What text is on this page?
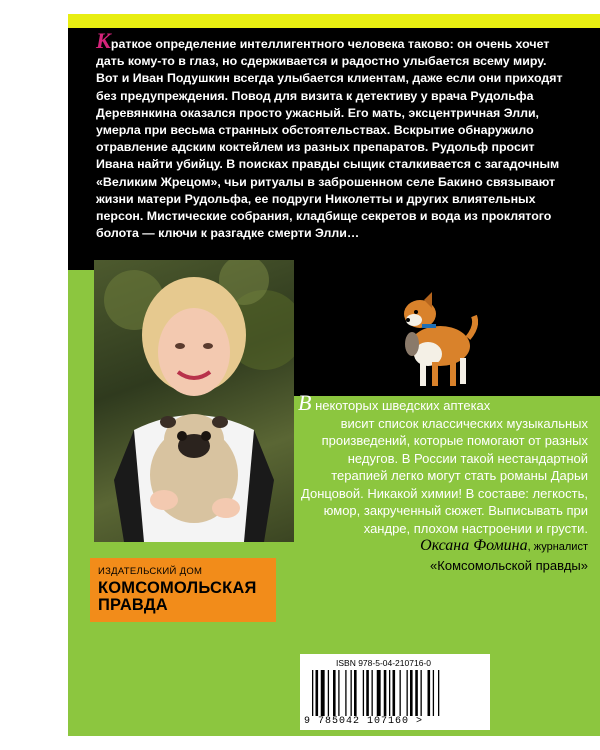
Краткое определение интеллигентного человека таково: он очень хочет дать кому-то в глаз, но сдерживается и радостно улыбается всему миру. Вот и Иван Подушкин всегда улыбается клиентам, даже если они приходят без предупреждения. Повод для визита к детективу у врача Рудольфа Деревянкина оказался просто ужасный. Его мать, эксцентричная Элли, умерла при весьма странных обстоятельствах. Вскрытие обнаружило отравление адским коктейлем из разных препаратов. Рудольф просит Ивана найти убийцу. В поисках правды сыщик сталкивается с загадочным «Великим Жрецом», чьи ритуалы в заброшенном селе Бакино связывают жизни матери Рудольфа, ее подруги Николетты и других влиятельных персон. Мистические собрания, кладбище секретов и вода из проклятого болота — ключи к разгадке смерти Элли…

В некоторых шведских аптеках
висит список классических музыкальных произведений, которые помогают от разных недугов. В России такой нестандартной терапией легко могут стать романы Дарьи Донцовой. Никакой химии! В составе: легкость, юмор, закрученный сюжет. Выписывать при хандре, плохом настроении и грусти.
Оксана Фомина, журналист
«Комсомольской правды»
ИЗДАТЕЛЬСКИЙ ДОМ
КОМСОМОЛЬСКАЯ
ПРАВДА
ISBN 978-5-04-210716-0
9 785042 107160 >
